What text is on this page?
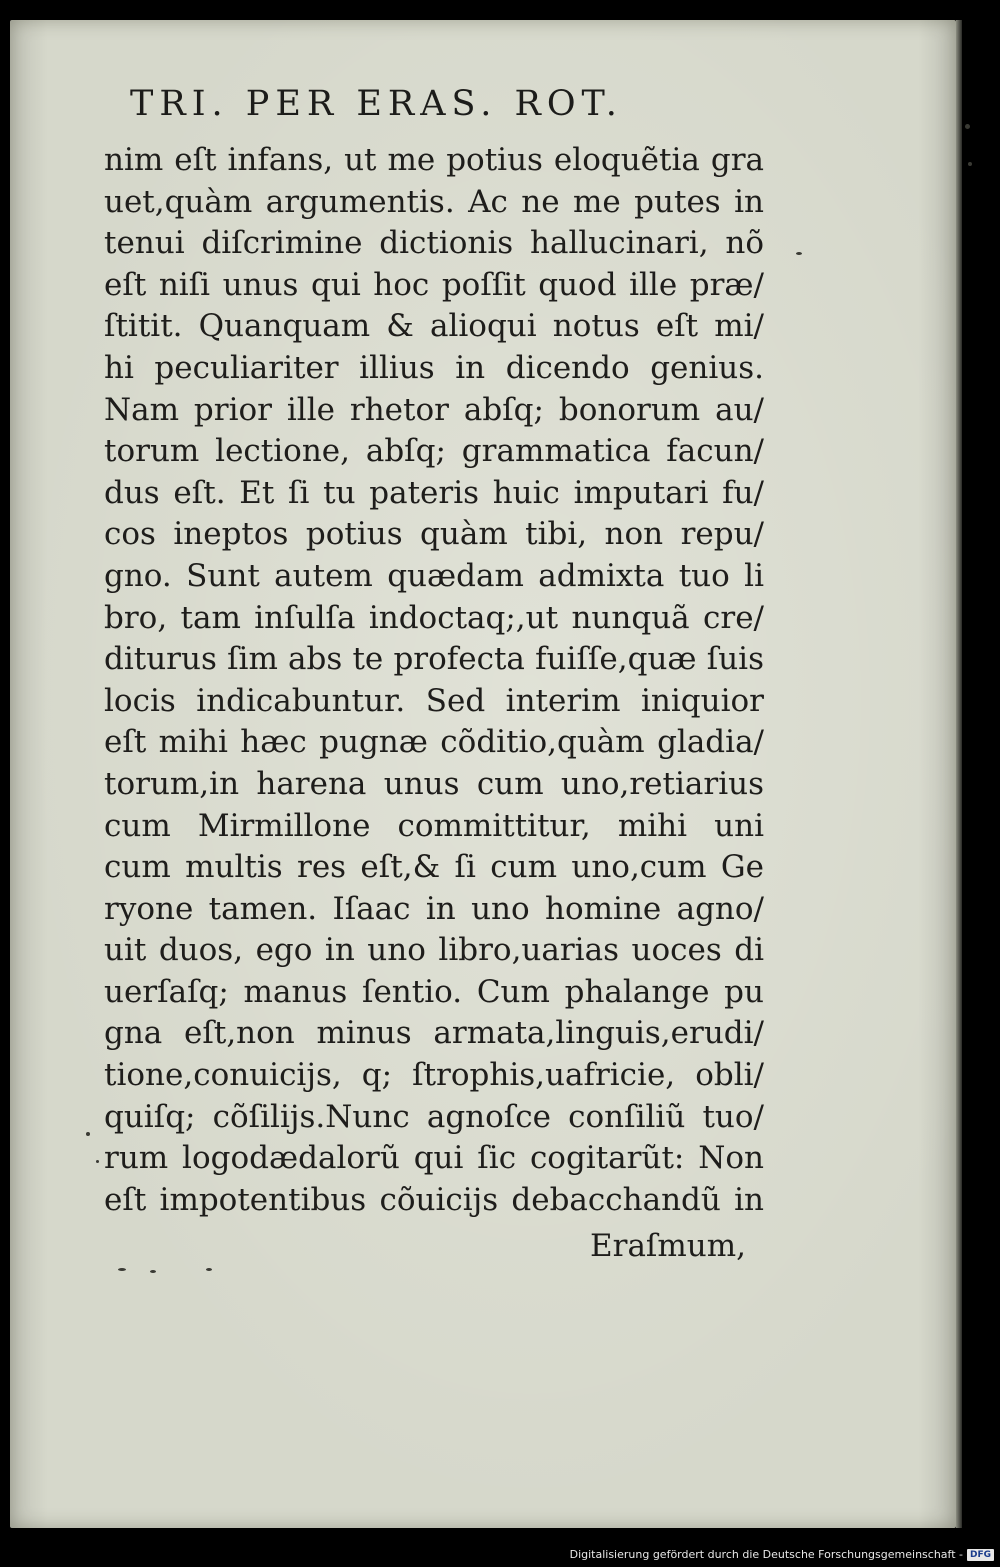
TRI. PER ERAS. ROT.
nim eſt infans, ut me potius eloquẽtia gra
uet,quàm argumentis. Ac ne me putes in
tenui diſcrimine dictionis hallucinari, nõ
eſt niſi unus qui hoc poſſit quod ille præ/
ſtitit. Quanquam & alioqui notus eſt mi/
hi peculiariter illius in dicendo genius.
Nam prior ille rhetor abſq; bonorum au/
torum lectione, abſq; grammatica facun/
dus eſt. Et ſi tu pateris huic imputari fu/
cos ineptos potius quàm tibi, non repu/
gno. Sunt autem quædam admixta tuo li
bro, tam inſulſa indoctaq;,ut nunquã cre/
diturus ſim abs te profecta fuiſſe,quæ ſuis
locis indicabuntur. Sed interim iniquior
eſt mihi hæc pugnæ cõditio,quàm gladia/
torum,in harena unus cum uno,retiarius
cum Mirmillone committitur, mihi uni
cum multis res eſt,& ſi cum uno,cum Ge
ryone tamen. Iſaac in uno homine agno/
uit duos, ego in uno libro,uarias uoces di
uerſaſq; manus ſentio. Cum phalange pu
gna eſt,non minus armata,linguis,erudi/
tione,conuicijs, q; ſtrophis,uafricie, obli/
quiſq; cõſilijs.Nunc agnoſce conſiliũ tuo/
rum logodædalorũ qui ſic cogitarũt: Non
eſt impotentibus cõuicijs debacchandũ in
Eraſmum,
Digitalisierung gefördert durch die Deutsche Forschungsgemeinschaft - DFG
